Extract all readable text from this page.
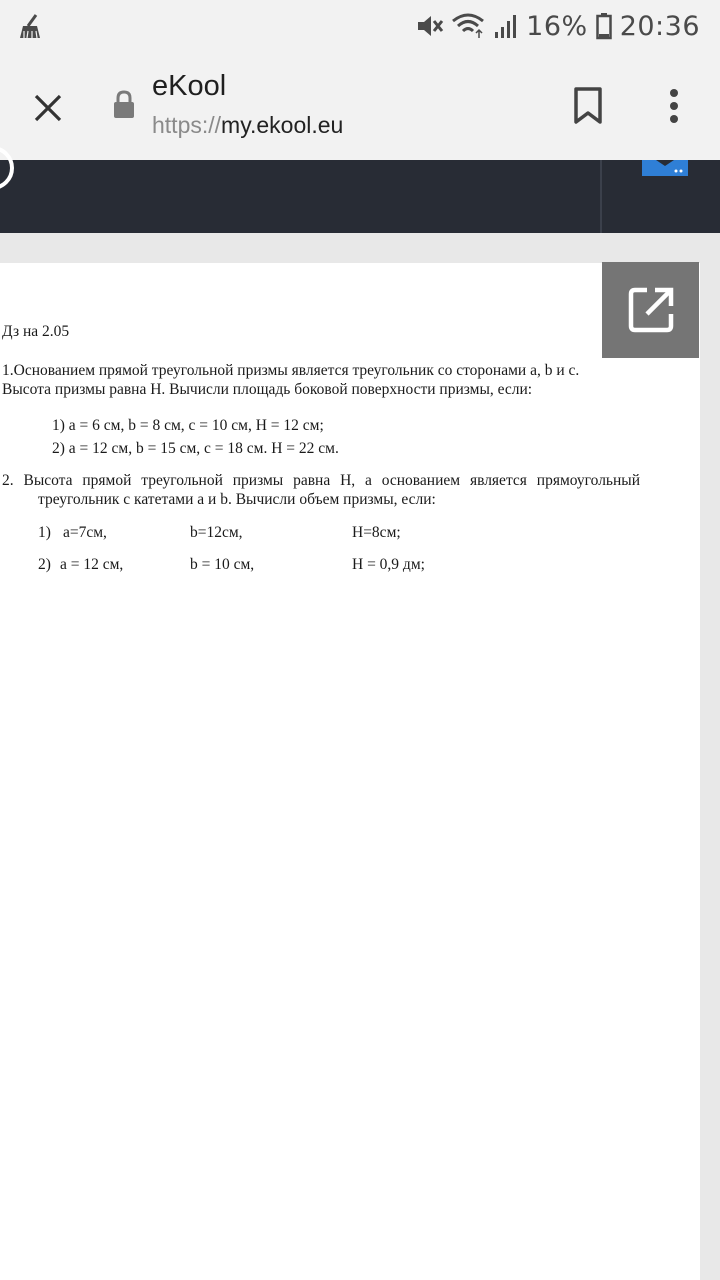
16% 20:36
eKool
https://my.ekool.eu
Дз на 2.05
1.Основанием прямой треугольной призмы является треугольник со сторонами a, b и c.
Высота призмы равна H. Вычисли площадь боковой поверхности призмы, если:
1) a = 6 см, b = 8 см, c = 10 см, H = 12 см;
2) a = 12 см, b = 15 см, c = 18 см. H = 22 см.
2. Высота прямой треугольной призмы равна H, а основанием является прямоугольный
треугольник с катетами a и b. Вычисли объем призмы, если:
1) a=7см,	b=12см,	H=8см;
2) a = 12 см,	b = 10 см,	H = 0,9 дм;
